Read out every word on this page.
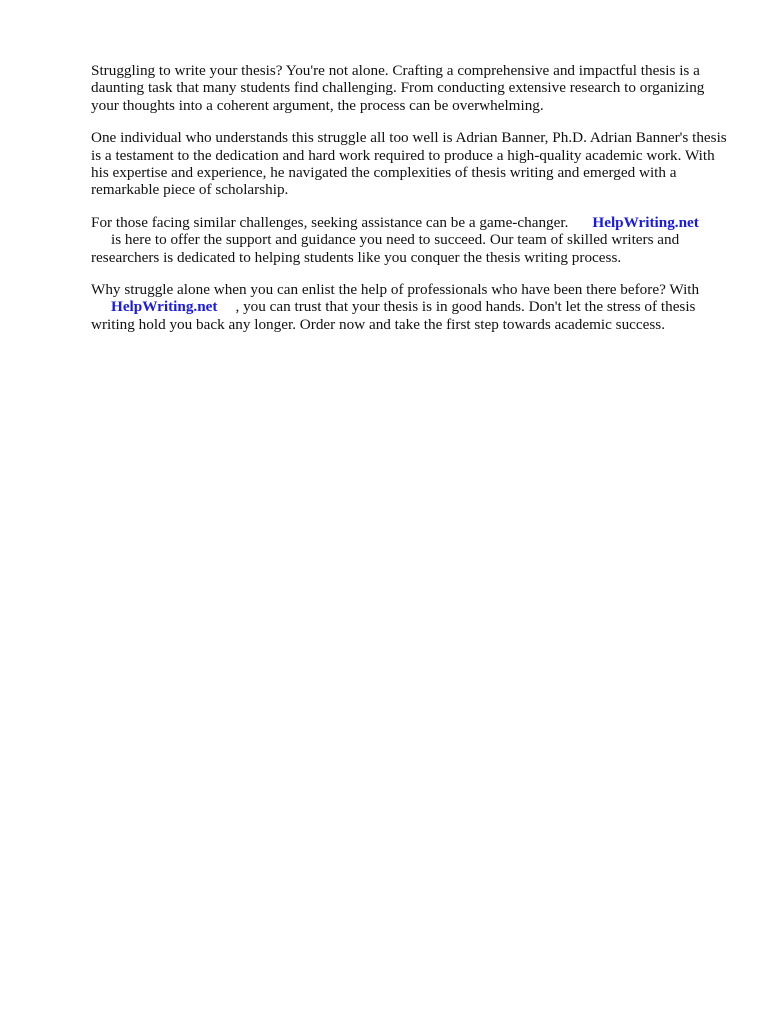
Struggling to write your thesis? You're not alone. Crafting a comprehensive and impactful thesis is a daunting task that many students find challenging. From conducting extensive research to organizing your thoughts into a coherent argument, the process can be overwhelming.

One individual who understands this struggle all too well is Adrian Banner, Ph.D. Adrian Banner's thesis is a testament to the dedication and hard work required to produce a high-quality academic work. With his expertise and experience, he navigated the complexities of thesis writing and emerged with a remarkable piece of scholarship.

For those facing similar challenges, seeking assistance can be a game-changer. HelpWriting.net
is here to offer the support and guidance you need to succeed. Our team of skilled writers and researchers is dedicated to helping students like you conquer the thesis writing process.

Why struggle alone when you can enlist the help of professionals who have been there before? With
HelpWriting.net , you can trust that your thesis is in good hands. Don't let the stress of thesis writing hold you back any longer. Order now and take the first step towards academic success.
